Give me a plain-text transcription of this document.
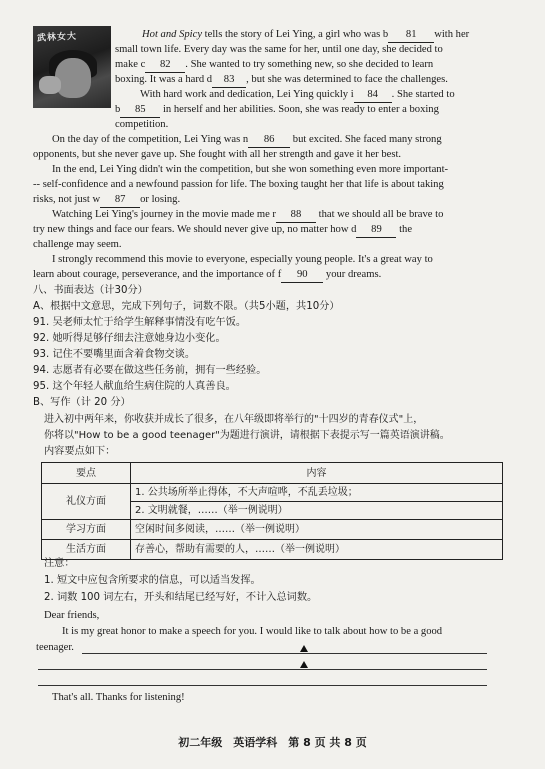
武林女大	Hot and Spicy tells the story of Lei Ying, a girl who was b 81 with her
small town life. Every day was the same for her, until one day, she decided to
make c 82 . She wanted to try something new, so she decided to learn
boxing. It was a hard d 83 , but she was determined to face the challenges.
With hard work and dedication, Lei Ying quickly i 84 . She started to
b 85 in herself and her abilities. Soon, she was ready to enter a boxing
competition.
On the day of the competition, Lei Ying was n 86 but excited. She faced many strong
opponents, but she never gave up. She fought with all her strength and gave it her best.
In the end, Lei Ying didn't win the competition, but she won something even more important-
-- self-confidence and a newfound passion for life. The boxing taught her that life is about taking
risks, not just w 87 or losing.
Watching Lei Ying's journey in the movie made me r 88 that we should all be brave to
try new things and face our fears. We should never give up, no matter how d 89 the
challenge may seem.
I strongly recommend this movie to everyone, especially young people. It's a great way to
learn about courage, perseverance, and the importance of f 90 your dreams.
八、书面表达（计30分）
A、根据中文意思，完成下列句子，词数不限。（共5小题，共10分）
91. 吴老师太忙于给学生解释事情没有吃午饭。
92. 她听得足够仔细去注意她身边小变化。
93. 记住不要嘴里面含着食物交谈。
94. 志愿者有必要在做这些任务前，拥有一些经验。
95. 这个年轻人献血给生病住院的人真善良。
B、写作（计 20 分）
进入初中两年来，你收获并成长了很多，在八年级即将举行的"十四岁的青春仪式"上，
你将以"How to be a good teenager"为题进行演讲，请根据下表提示写一篇英语演讲稿。
内容要点如下：
要点	内容
礼仪方面	1. 公共场所举止得体，不大声喧哗，不乱丢垃圾；
2. 文明就餐，……（举一例说明）

学习方面	空闲时间多阅读，……（举一例说明）
生活方面	存善心，帮助有需要的人，……（举一例说明）
注意：
1. 短文中应包含所要求的信息，可以适当发挥。
2. 词数 100 词左右，开头和结尾已经写好，不计入总词数。
Dear friends,
It is my great honor to make a speech for you. I would like to talk about how to be a good
teenager.
That's all. Thanks for listening!
初二年级　英语学科　第 8 页 共 8 页
